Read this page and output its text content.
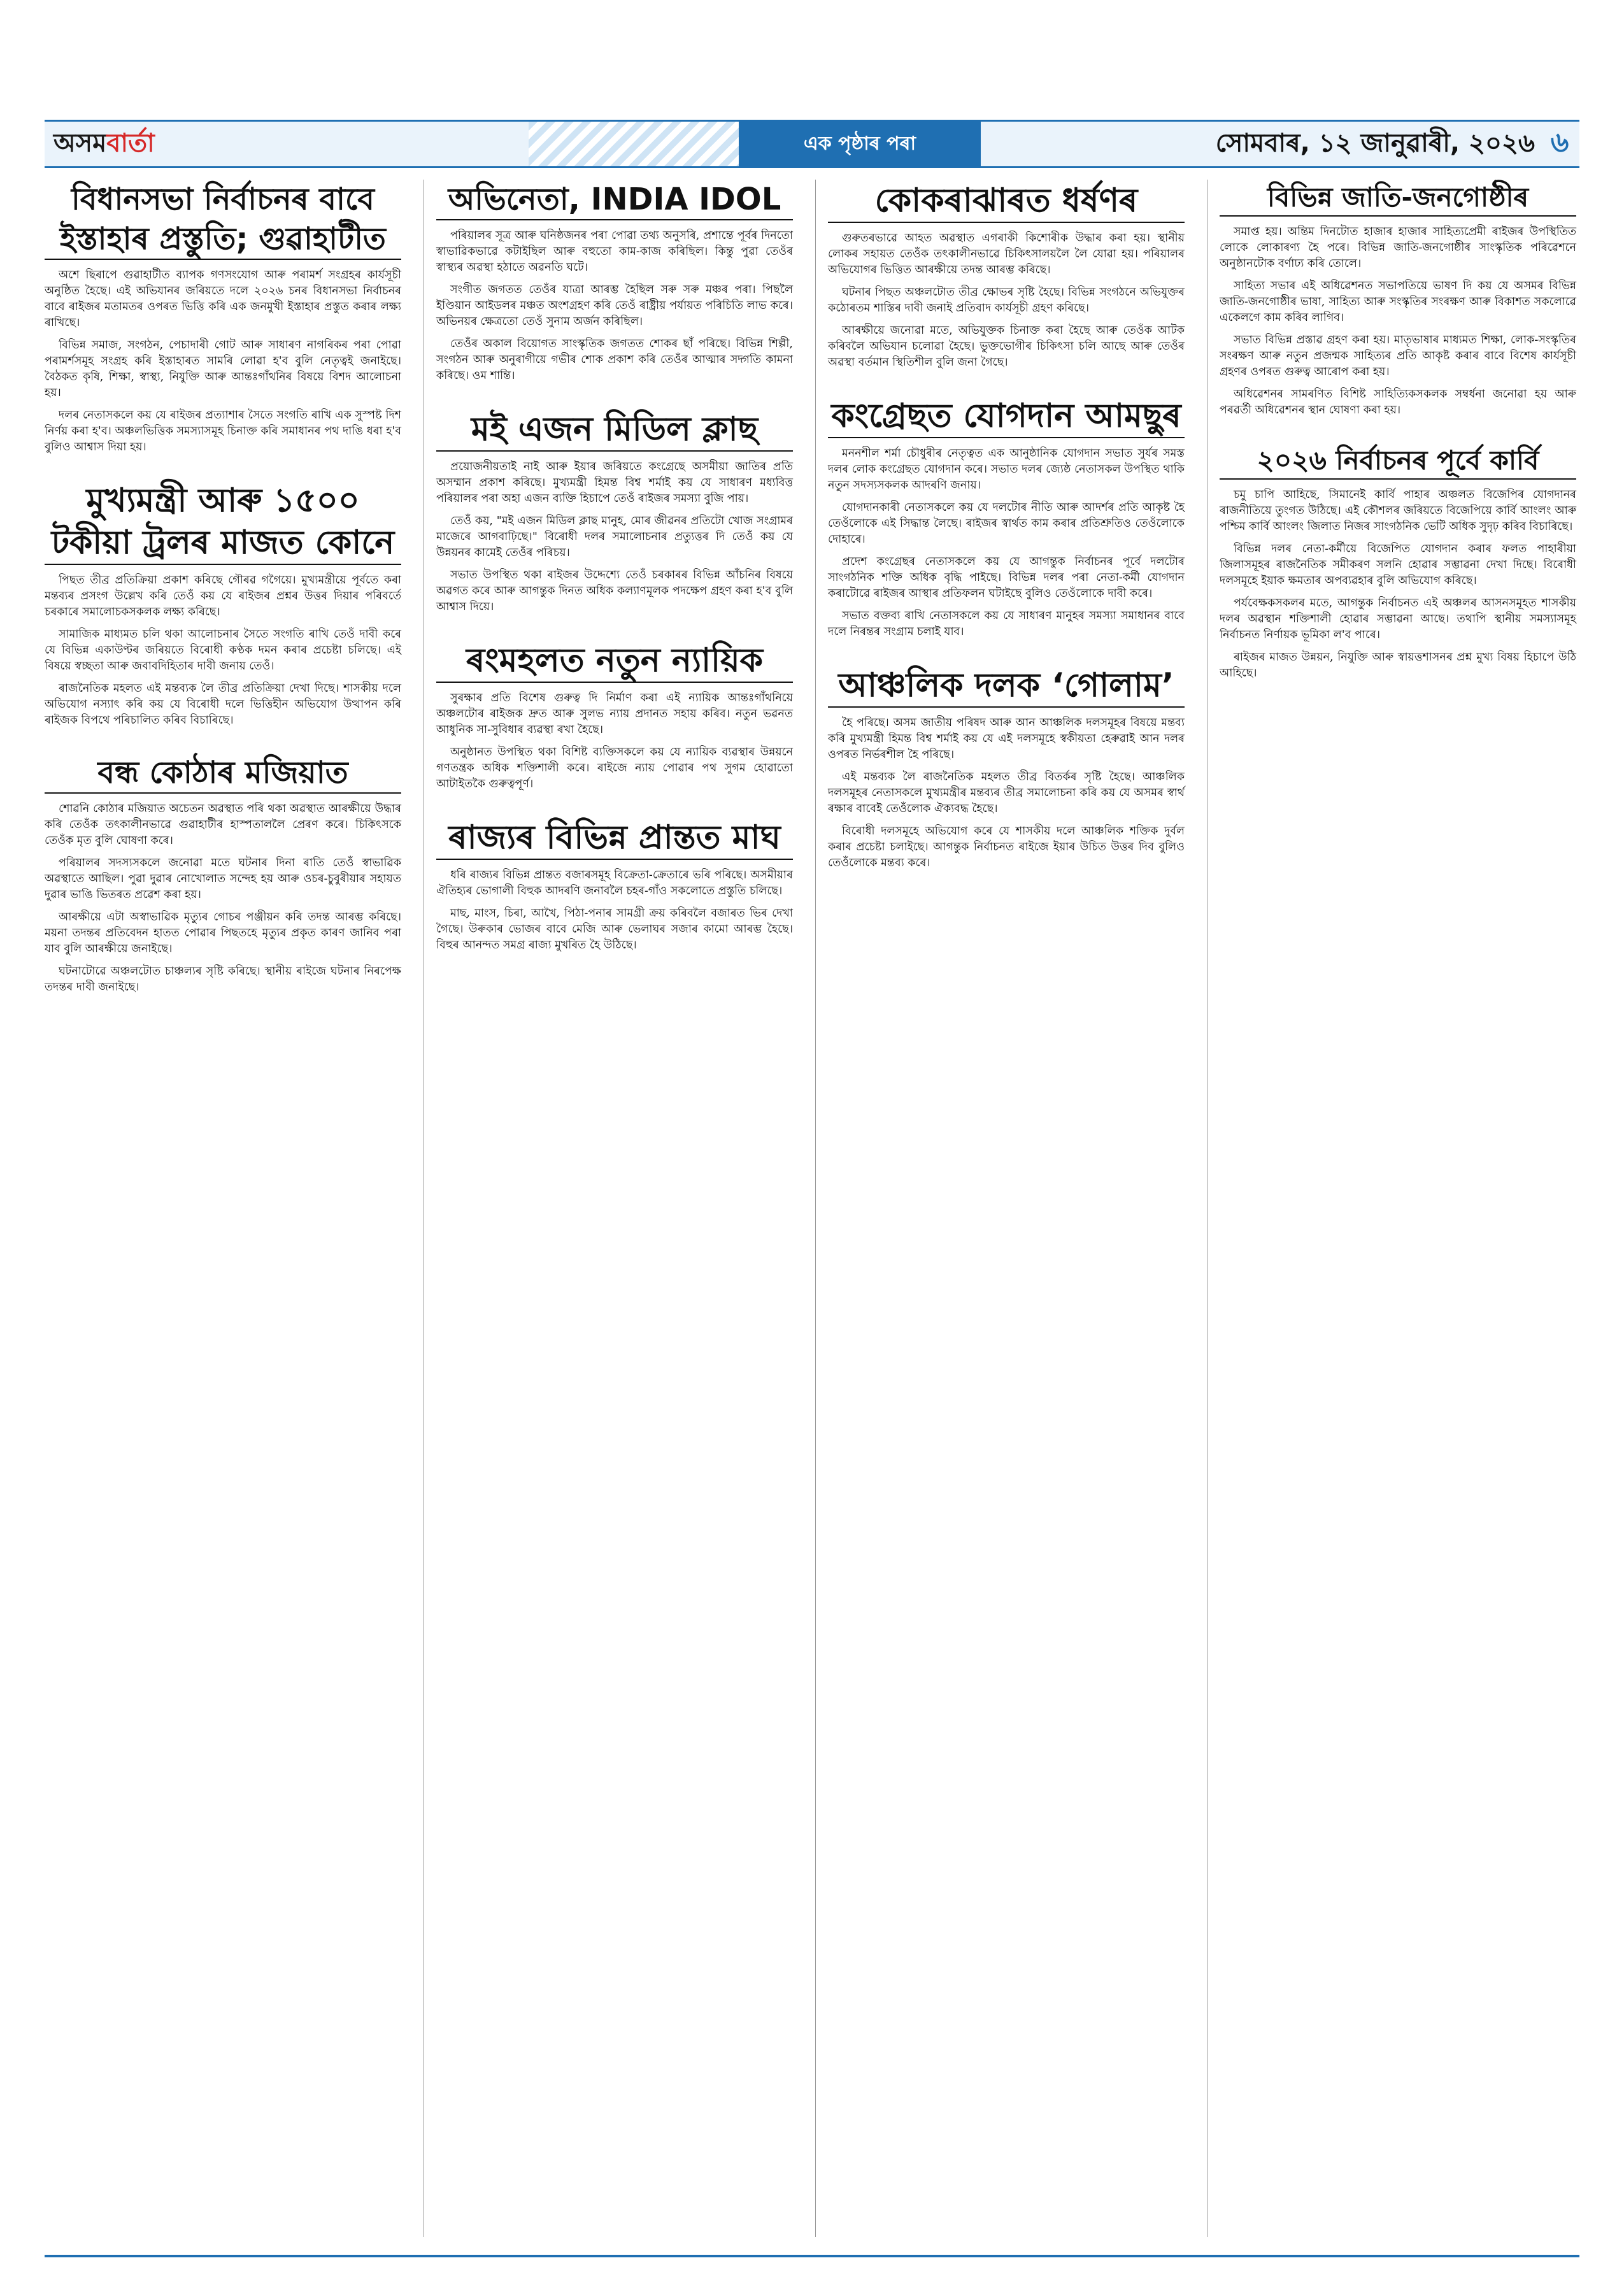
অসম বাৰ্তা	এক পৃষ্ঠাৰ পৰা	সোমবাৰ, ১২ জানুৱাৰী, ২০২৬ ৬
বিধানসভা নিৰ্বাচনৰ বাবে ইস্তাহাৰ প্ৰস্তুতি; গুৱাহাটীত

অশে ছিৰাপে গুৱাহাটীত ব্যাপক গণসংযোগ আৰু পৰামৰ্শ সংগ্ৰহৰ কাৰ্যসূচী অনুষ্ঠিত হৈছে। এই অভিযানৰ জৰিয়তে দলে ২০২৬ চনৰ বিধানসভা নিৰ্বাচনৰ বাবে ৰাইজৰ মতামতৰ ওপৰত ভিত্তি কৰি এক জনমুখী ইস্তাহাৰ প্ৰস্তুত কৰাৰ লক্ষ্য ৰাখিছে।

বিভিন্ন সমাজ, সংগঠন, পেচাদাৰী গোট আৰু সাধাৰণ নাগৰিকৰ পৰা পোৱা পৰামৰ্শসমূহ সংগ্ৰহ কৰি ইস্তাহাৰত সামৰি লোৱা হ'ব বুলি নেতৃত্বই জনাইছে। বৈঠকত কৃষি, শিক্ষা, স্বাস্থ্য, নিযুক্তি আৰু আন্তঃগাঁথনিৰ বিষয়ে বিশদ আলোচনা হয়।

দলৰ নেতাসকলে কয় যে ৰাইজৰ প্ৰত্যাশাৰ সৈতে সংগতি ৰাখি এক সুস্পষ্ট দিশ নিৰ্ণয় কৰা হ'ব। অঞ্চলভিত্তিক সমস্যাসমূহ চিনাক্ত কৰি সমাধানৰ পথ দাঙি ধৰা হ'ব বুলিও আশ্বাস দিয়া হয়।

মুখ্যমন্ত্ৰী আৰু ১৫০০ টকীয়া ট্ৰলৰ মাজত কোনে

পিছত তীব্ৰ প্ৰতিক্ৰিয়া প্ৰকাশ কৰিছে গৌৰৱ গগৈয়ে। মুখ্যমন্ত্ৰীয়ে পূৰ্বতে কৰা মন্তব্যৰ প্ৰসংগ উল্লেখ কৰি তেওঁ কয় যে ৰাইজৰ প্ৰশ্নৰ উত্তৰ দিয়াৰ পৰিবৰ্তে চৰকাৰে সমালোচকসকলক লক্ষ্য কৰিছে।

সামাজিক মাধ্যমত চলি থকা আলোচনাৰ সৈতে সংগতি ৰাখি তেওঁ দাবী কৰে যে বিভিন্ন একাউণ্টৰ জৰিয়তে বিৰোধী কণ্ঠক দমন কৰাৰ প্ৰচেষ্টা চলিছে। এই বিষয়ে স্বচ্ছতা আৰু জবাবদিহিতাৰ দাবী জনায় তেওঁ।

ৰাজনৈতিক মহলত এই মন্তব্যক লৈ তীব্ৰ প্ৰতিক্ৰিয়া দেখা দিছে। শাসকীয় দলে অভিযোগ নস্যাৎ কৰি কয় যে বিৰোধী দলে ভিত্তিহীন অভিযোগ উত্থাপন কৰি ৰাইজক বিপথে পৰিচালিত কৰিব বিচাৰিছে।

বন্ধ কোঠাৰ মজিয়াত

শোৱনি কোঠাৰ মজিয়াত অচেতন অৱস্থাত পৰি থকা অৱস্থাত আৰক্ষীয়ে উদ্ধাৰ কৰি তেওঁক তৎকালীনভাৱে গুৱাহাটীৰ হাস্পতাললৈ প্ৰেৰণ কৰে। চিকিৎসকে তেওঁক মৃত বুলি ঘোষণা কৰে।

পৰিয়ালৰ সদস্যসকলে জনোৱা মতে ঘটনাৰ দিনা ৰাতি তেওঁ স্বাভাৱিক অৱস্থাতে আছিল। পুৱা দুৱাৰ নোখোলাত সন্দেহ হয় আৰু ওচৰ-চুবুৰীয়াৰ সহায়ত দুৱাৰ ভাঙি ভিতৰত প্ৰৱেশ কৰা হয়।

আৰক্ষীয়ে এটা অস্বাভাৱিক মৃত্যুৰ গোচৰ পঞ্জীয়ন কৰি তদন্ত আৰম্ভ কৰিছে। ময়না তদন্তৰ প্ৰতিবেদন হাতত পোৱাৰ পিছতহে মৃত্যুৰ প্ৰকৃত কাৰণ জানিব পৰা যাব বুলি আৰক্ষীয়ে জনাইছে।

ঘটনাটোৱে অঞ্চলটোত চাঞ্চল্যৰ সৃষ্টি কৰিছে। স্থানীয় ৰাইজে ঘটনাৰ নিৰপেক্ষ তদন্তৰ দাবী জনাইছে।

অভিনেতা, INDIA IDOL

পৰিয়ালৰ সূত্ৰ আৰু ঘনিষ্ঠজনৰ পৰা পোৱা তথ্য অনুসৰি, প্ৰশান্তে পূৰ্বৰ দিনতো স্বাভাৱিকভাৱে কটাইছিল আৰু বহুতো কাম-কাজ কৰিছিল। কিন্তু পুৱা তেওঁৰ স্বাস্থ্যৰ অৱস্থা হঠাতে অৱনতি ঘটে।

সংগীত জগতত তেওঁৰ যাত্ৰা আৰম্ভ হৈছিল সৰু সৰু মঞ্চৰ পৰা। পিছলৈ ইণ্ডিয়ান আইডলৰ মঞ্চত অংশগ্ৰহণ কৰি তেওঁ ৰাষ্ট্ৰীয় পৰ্যায়ত পৰিচিতি লাভ কৰে। অভিনয়ৰ ক্ষেত্ৰতো তেওঁ সুনাম অৰ্জন কৰিছিল।

তেওঁৰ অকাল বিয়োগত সাংস্কৃতিক জগতত শোকৰ ছাঁ পৰিছে। বিভিন্ন শিল্পী, সংগঠন আৰু অনুৰাগীয়ে গভীৰ শোক প্ৰকাশ কৰি তেওঁৰ আত্মাৰ সদ্গতি কামনা কৰিছে। ওম শান্তি।

মই এজন মিডিল ক্লাছ

প্ৰয়োজনীয়তাই নাই আৰু ইয়াৰ জৰিয়তে কংগ্ৰেছে অসমীয়া জাতিৰ প্ৰতি অসম্মান প্ৰকাশ কৰিছে। মুখ্যমন্ত্ৰী হিমন্ত বিশ্ব শৰ্মাই কয় যে সাধাৰণ মধ্যবিত্ত পৰিয়ালৰ পৰা অহা এজন ব্যক্তি হিচাপে তেওঁ ৰাইজৰ সমস্যা বুজি পায়।

তেওঁ কয়, "মই এজন মিডিল ক্লাছ মানুহ, মোৰ জীৱনৰ প্ৰতিটো খোজ সংগ্ৰামৰ মাজেৰে আগবাঢ়িছে।" বিৰোধী দলৰ সমালোচনাৰ প্ৰত্যুত্তৰ দি তেওঁ কয় যে উন্নয়নৰ কামেই তেওঁৰ পৰিচয়।

সভাত উপস্থিত থকা ৰাইজৰ উদ্দেশ্যে তেওঁ চৰকাৰৰ বিভিন্ন আঁচনিৰ বিষয়ে অৱগত কৰে আৰু আগন্তুক দিনত অধিক কল্যাণমূলক পদক্ষেপ গ্ৰহণ কৰা হ'ব বুলি আশ্বাস দিয়ে।

ৰংমহলত নতুন ন্যায়িক

সুৰক্ষাৰ প্ৰতি বিশেষ গুৰুত্ব দি নিৰ্মাণ কৰা এই ন্যায়িক আন্তঃগাঁথনিয়ে অঞ্চলটোৰ ৰাইজক দ্ৰুত আৰু সুলভ ন্যায় প্ৰদানত সহায় কৰিব। নতুন ভৱনত আধুনিক সা-সুবিধাৰ ব্যৱস্থা ৰখা হৈছে।

অনুষ্ঠানত উপস্থিত থকা বিশিষ্ট ব্যক্তিসকলে কয় যে ন্যায়িক ব্যৱস্থাৰ উন্নয়নে গণতন্ত্ৰক অধিক শক্তিশালী কৰে। ৰাইজে ন্যায় পোৱাৰ পথ সুগম হোৱাতো আটাইতকৈ গুৰুত্বপূৰ্ণ।

ৰাজ্যৰ বিভিন্ন প্ৰান্তত মাঘ

ধৰি ৰাজ্যৰ বিভিন্ন প্ৰান্তত বজাৰসমূহ বিক্ৰেতা-ক্ৰেতাৰে ভৰি পৰিছে। অসমীয়াৰ ঐতিহ্যৰ ভোগালী বিহুক আদৰণি জনাবলৈ চহৰ-গাঁও সকলোতে প্ৰস্তুতি চলিছে।

মাছ, মাংস, চিৰা, আখৈ, পিঠা-পনাৰ সামগ্ৰী ক্ৰয় কৰিবলৈ বজাৰত ভিৰ দেখা গৈছে। উৰুকাৰ ভোজৰ বাবে মেজি আৰু ভেলাঘৰ সজাৰ কামো আৰম্ভ হৈছে। বিহুৰ আনন্দত সমগ্ৰ ৰাজ্য মুখৰিত হৈ উঠিছে।

কোকৰাঝাৰত ধৰ্ষণৰ

গুৰুতৰভাৱে আহত অৱস্থাত এগৰাকী কিশোৰীক উদ্ধাৰ কৰা হয়। স্থানীয় লোকৰ সহায়ত তেওঁক তৎকালীনভাৱে চিকিৎসালয়লৈ লৈ যোৱা হয়। পৰিয়ালৰ অভিযোগৰ ভিত্তিত আৰক্ষীয়ে তদন্ত আৰম্ভ কৰিছে।

ঘটনাৰ পিছত অঞ্চলটোত তীব্ৰ ক্ষোভৰ সৃষ্টি হৈছে। বিভিন্ন সংগঠনে অভিযুক্তৰ কঠোৰতম শাস্তিৰ দাবী জনাই প্ৰতিবাদ কাৰ্যসূচী গ্ৰহণ কৰিছে।

আৰক্ষীয়ে জনোৱা মতে, অভিযুক্তক চিনাক্ত কৰা হৈছে আৰু তেওঁক আটক কৰিবলৈ অভিযান চলোৱা হৈছে। ভুক্তভোগীৰ চিকিৎসা চলি আছে আৰু তেওঁৰ অৱস্থা বৰ্তমান স্থিতিশীল বুলি জনা গৈছে।

কংগ্ৰেছত যোগদান আমছুৰ

মননশীল শৰ্মা চৌধুৰীৰ নেতৃত্বত এক আনুষ্ঠানিক যোগদান সভাত সুৰ্যৰ সমস্ত দলৰ লোক কংগ্ৰেছত যোগদান কৰে। সভাত দলৰ জ্যেষ্ঠ নেতাসকল উপস্থিত থাকি নতুন সদস্যসকলক আদৰণি জনায়।

যোগদানকাৰী নেতাসকলে কয় যে দলটোৰ নীতি আৰু আদৰ্শৰ প্ৰতি আকৃষ্ট হৈ তেওঁলোকে এই সিদ্ধান্ত লৈছে। ৰাইজৰ স্বাৰ্থত কাম কৰাৰ প্ৰতিশ্ৰুতিও তেওঁলোকে দোহাৰে।

প্ৰদেশ কংগ্ৰেছৰ নেতাসকলে কয় যে আগন্তুক নিৰ্বাচনৰ পূৰ্বে দলটোৰ সাংগঠনিক শক্তি অধিক বৃদ্ধি পাইছে। বিভিন্ন দলৰ পৰা নেতা-কৰ্মী যোগদান কৰাটোৱে ৰাইজৰ আস্থাৰ প্ৰতিফলন ঘটাইছে বুলিও তেওঁলোকে দাবী কৰে।

সভাত বক্তব্য ৰাখি নেতাসকলে কয় যে সাধাৰণ মানুহৰ সমস্যা সমাধানৰ বাবে দলে নিৰন্তৰ সংগ্ৰাম চলাই যাব।

আঞ্চলিক দলক ‘গোলাম’

হৈ পৰিছে। অসম জাতীয় পৰিষদ আৰু আন আঞ্চলিক দলসমূহৰ বিষয়ে মন্তব্য কৰি মুখ্যমন্ত্ৰী হিমন্ত বিশ্ব শৰ্মাই কয় যে এই দলসমূহে স্বকীয়তা হেৰুৱাই আন দলৰ ওপৰত নিৰ্ভৰশীল হৈ পৰিছে।

এই মন্তব্যক লৈ ৰাজনৈতিক মহলত তীব্ৰ বিতৰ্কৰ সৃষ্টি হৈছে। আঞ্চলিক দলসমূহৰ নেতাসকলে মুখ্যমন্ত্ৰীৰ মন্তব্যৰ তীব্ৰ সমালোচনা কৰি কয় যে অসমৰ স্বাৰ্থ ৰক্ষাৰ বাবেই তেওঁলোক ঐক্যবদ্ধ হৈছে।

বিৰোধী দলসমূহে অভিযোগ কৰে যে শাসকীয় দলে আঞ্চলিক শক্তিক দুৰ্বল কৰাৰ প্ৰচেষ্টা চলাইছে। আগন্তুক নিৰ্বাচনত ৰাইজে ইয়াৰ উচিত উত্তৰ দিব বুলিও তেওঁলোকে মন্তব্য কৰে।

বিভিন্ন জাতি-জনগোষ্ঠীৰ

সমাপ্ত হয়। অন্তিম দিনটোত হাজাৰ হাজাৰ সাহিত্যপ্ৰেমী ৰাইজৰ উপস্থিতিত লোকে লোকাৰণ্য হৈ পৰে। বিভিন্ন জাতি-জনগোষ্ঠীৰ সাংস্কৃতিক পৰিৱেশনে অনুষ্ঠানটোক বৰ্ণাঢ্য কৰি তোলে।

সাহিত্য সভাৰ এই অধিৱেশনত সভাপতিয়ে ভাষণ দি কয় যে অসমৰ বিভিন্ন জাতি-জনগোষ্ঠীৰ ভাষা, সাহিত্য আৰু সংস্কৃতিৰ সংৰক্ষণ আৰু বিকাশত সকলোৱে একেলগে কাম কৰিব লাগিব।

সভাত বিভিন্ন প্ৰস্তাৱ গ্ৰহণ কৰা হয়। মাতৃভাষাৰ মাধ্যমত শিক্ষা, লোক-সংস্কৃতিৰ সংৰক্ষণ আৰু নতুন প্ৰজন্মক সাহিত্যৰ প্ৰতি আকৃষ্ট কৰাৰ বাবে বিশেষ কাৰ্যসূচী গ্ৰহণৰ ওপৰত গুৰুত্ব আৰোপ কৰা হয়।

অধিৱেশনৰ সামৰণিত বিশিষ্ট সাহিত্যিকসকলক সম্বৰ্ধনা জনোৱা হয় আৰু পৰৱৰ্তী অধিৱেশনৰ স্থান ঘোষণা কৰা হয়।

২০২৬ নিৰ্বাচনৰ পূৰ্বে কাৰ্বি

চমু চাপি আহিছে, সিমানেই কাৰ্বি পাহাৰ অঞ্চলত বিজেপিৰ যোগদানৰ ৰাজনীতিয়ে তুংগত উঠিছে। এই কৌশলৰ জৰিয়তে বিজেপিয়ে কাৰ্বি আংলং আৰু পশ্চিম কাৰ্বি আংলং জিলাত নিজৰ সাংগঠনিক ভেটি অধিক সুদৃঢ় কৰিব বিচাৰিছে।

বিভিন্ন দলৰ নেতা-কৰ্মীয়ে বিজেপিত যোগদান কৰাৰ ফলত পাহাৰীয়া জিলাসমূহৰ ৰাজনৈতিক সমীকৰণ সলনি হোৱাৰ সম্ভাৱনা দেখা দিছে। বিৰোধী দলসমূহে ইয়াক ক্ষমতাৰ অপব্যৱহাৰ বুলি অভিযোগ কৰিছে।

পৰ্যবেক্ষকসকলৰ মতে, আগন্তুক নিৰ্বাচনত এই অঞ্চলৰ আসনসমূহত শাসকীয় দলৰ অৱস্থান শক্তিশালী হোৱাৰ সম্ভাৱনা আছে। তথাপি স্থানীয় সমস্যাসমূহ নিৰ্বাচনত নিৰ্ণায়ক ভূমিকা ল'ব পাৰে।

ৰাইজৰ মাজত উন্নয়ন, নিযুক্তি আৰু স্বায়ত্তশাসনৰ প্ৰশ্ন মুখ্য বিষয় হিচাপে উঠি আহিছে।
